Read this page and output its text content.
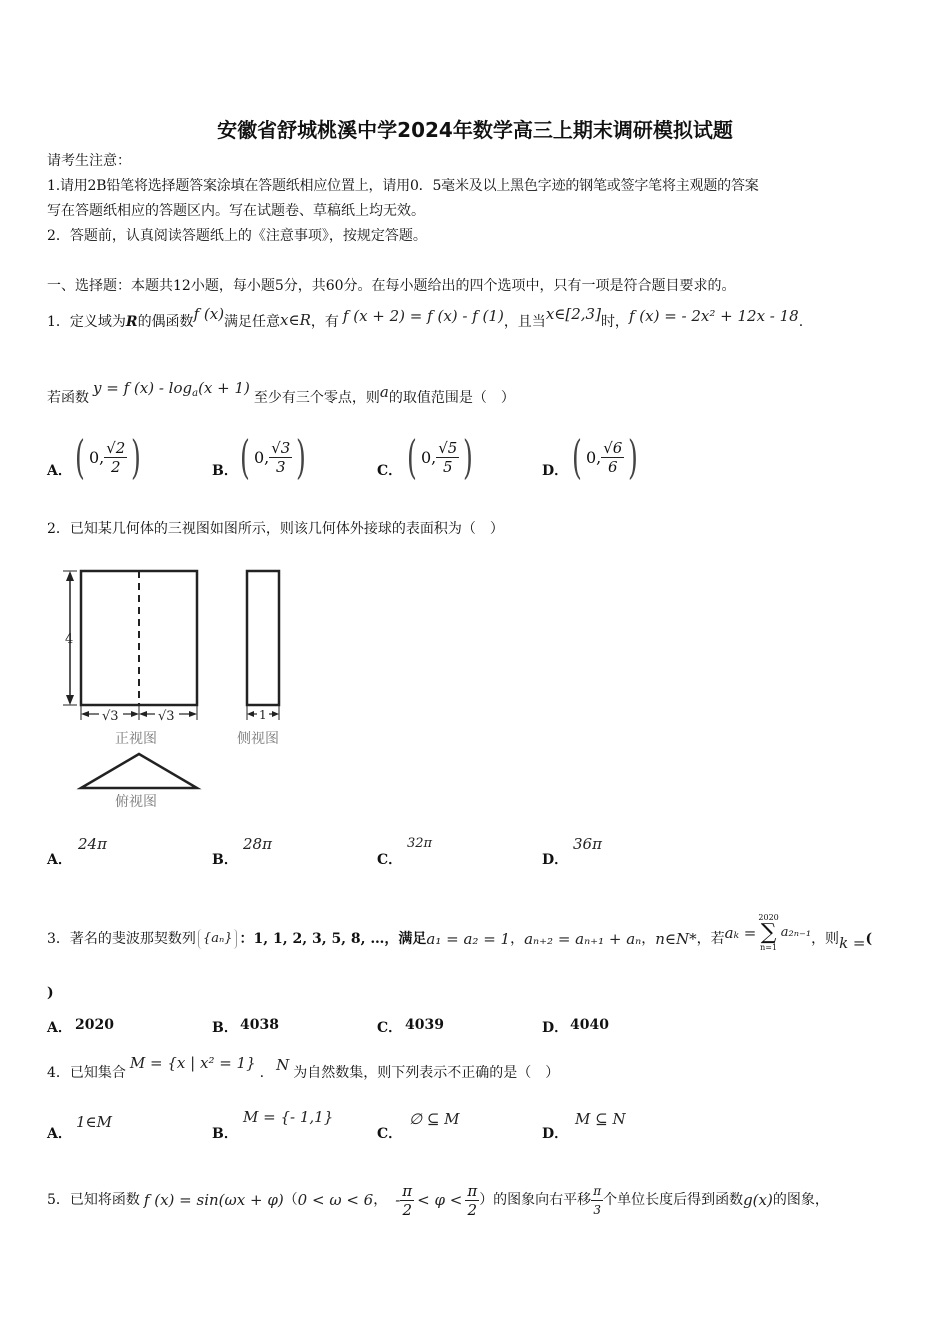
安徽省舒城桃溪中学2024年数学高三上期末调研模拟试题
请考生注意：
1.请用2B铅笔将选择题答案涂填在答题纸相应位置上，请用0．5毫米及以上黑色字迹的钢笔或签字笔将主观题的答案
写在答题纸相应的答题区内。写在试题卷、草稿纸上均无效。
2．答题前，认真阅读答题纸上的《注意事项》，按规定答题。
一、选择题：本题共12小题，每小题5分，共60分。在每小题给出的四个选项中，只有一项是符合题目要求的。
1．定义域为 R 的偶函数 f (x) 满足任意 x∈R ，有 f (x + 2) = f (x) - f (1) ，且当 x∈[2,3] 时， f (x) = - 2x² + 12x - 18 .
若函数
y = f (x) - log a (x + 1)
至少有三个零点，则 a 的取值范围是（　）
A． ( 0, $\frac{√2}{2}$ )	B． ( 0, $\frac{√3}{3}$ )	C． ( 0, $\frac{√5}{5}$ )	D． ( 0, $\frac{√6}{6}$ )
2．已知某几何体的三视图如图所示，则该几何体外接球的表面积为（　）
4
√3	√3
正视图
1
侧视图
俯视图
A．
24π
B．
28π
C．
32π
D．
36π
3．著名的斐波那契数列 {aₙ} ：1, 1, 2, 3, 5, 8, …，满足 a₁ = a₂ = 1 ， aₙ₊₂ = aₙ₊₁ + aₙ ， n∈N* ，若 aₖ =
2020
∑
n=1
a₂ₙ₋₁ ，则 k = (
)
A． 2020	B． 4038	C． 4039	D． 4040
4．已知集合
M = {x | x² = 1}
. N 为自然数集，则下列表示不正确的是（　）
A．
1∈M
B．
M = {- 1,1}
C．
∅ ⊆ M
D．
M ⊆ N
5．已知将函数 f (x) = sin(ωx + φ) （ 0 < ω < 6 ， - $\frac{\pi}{2} < \varphi < \frac{\pi}{2}$ ）的图象向右平移 $\frac{\pi}{3}$ 个单位长度后得到函数 g(x) 的图象，
